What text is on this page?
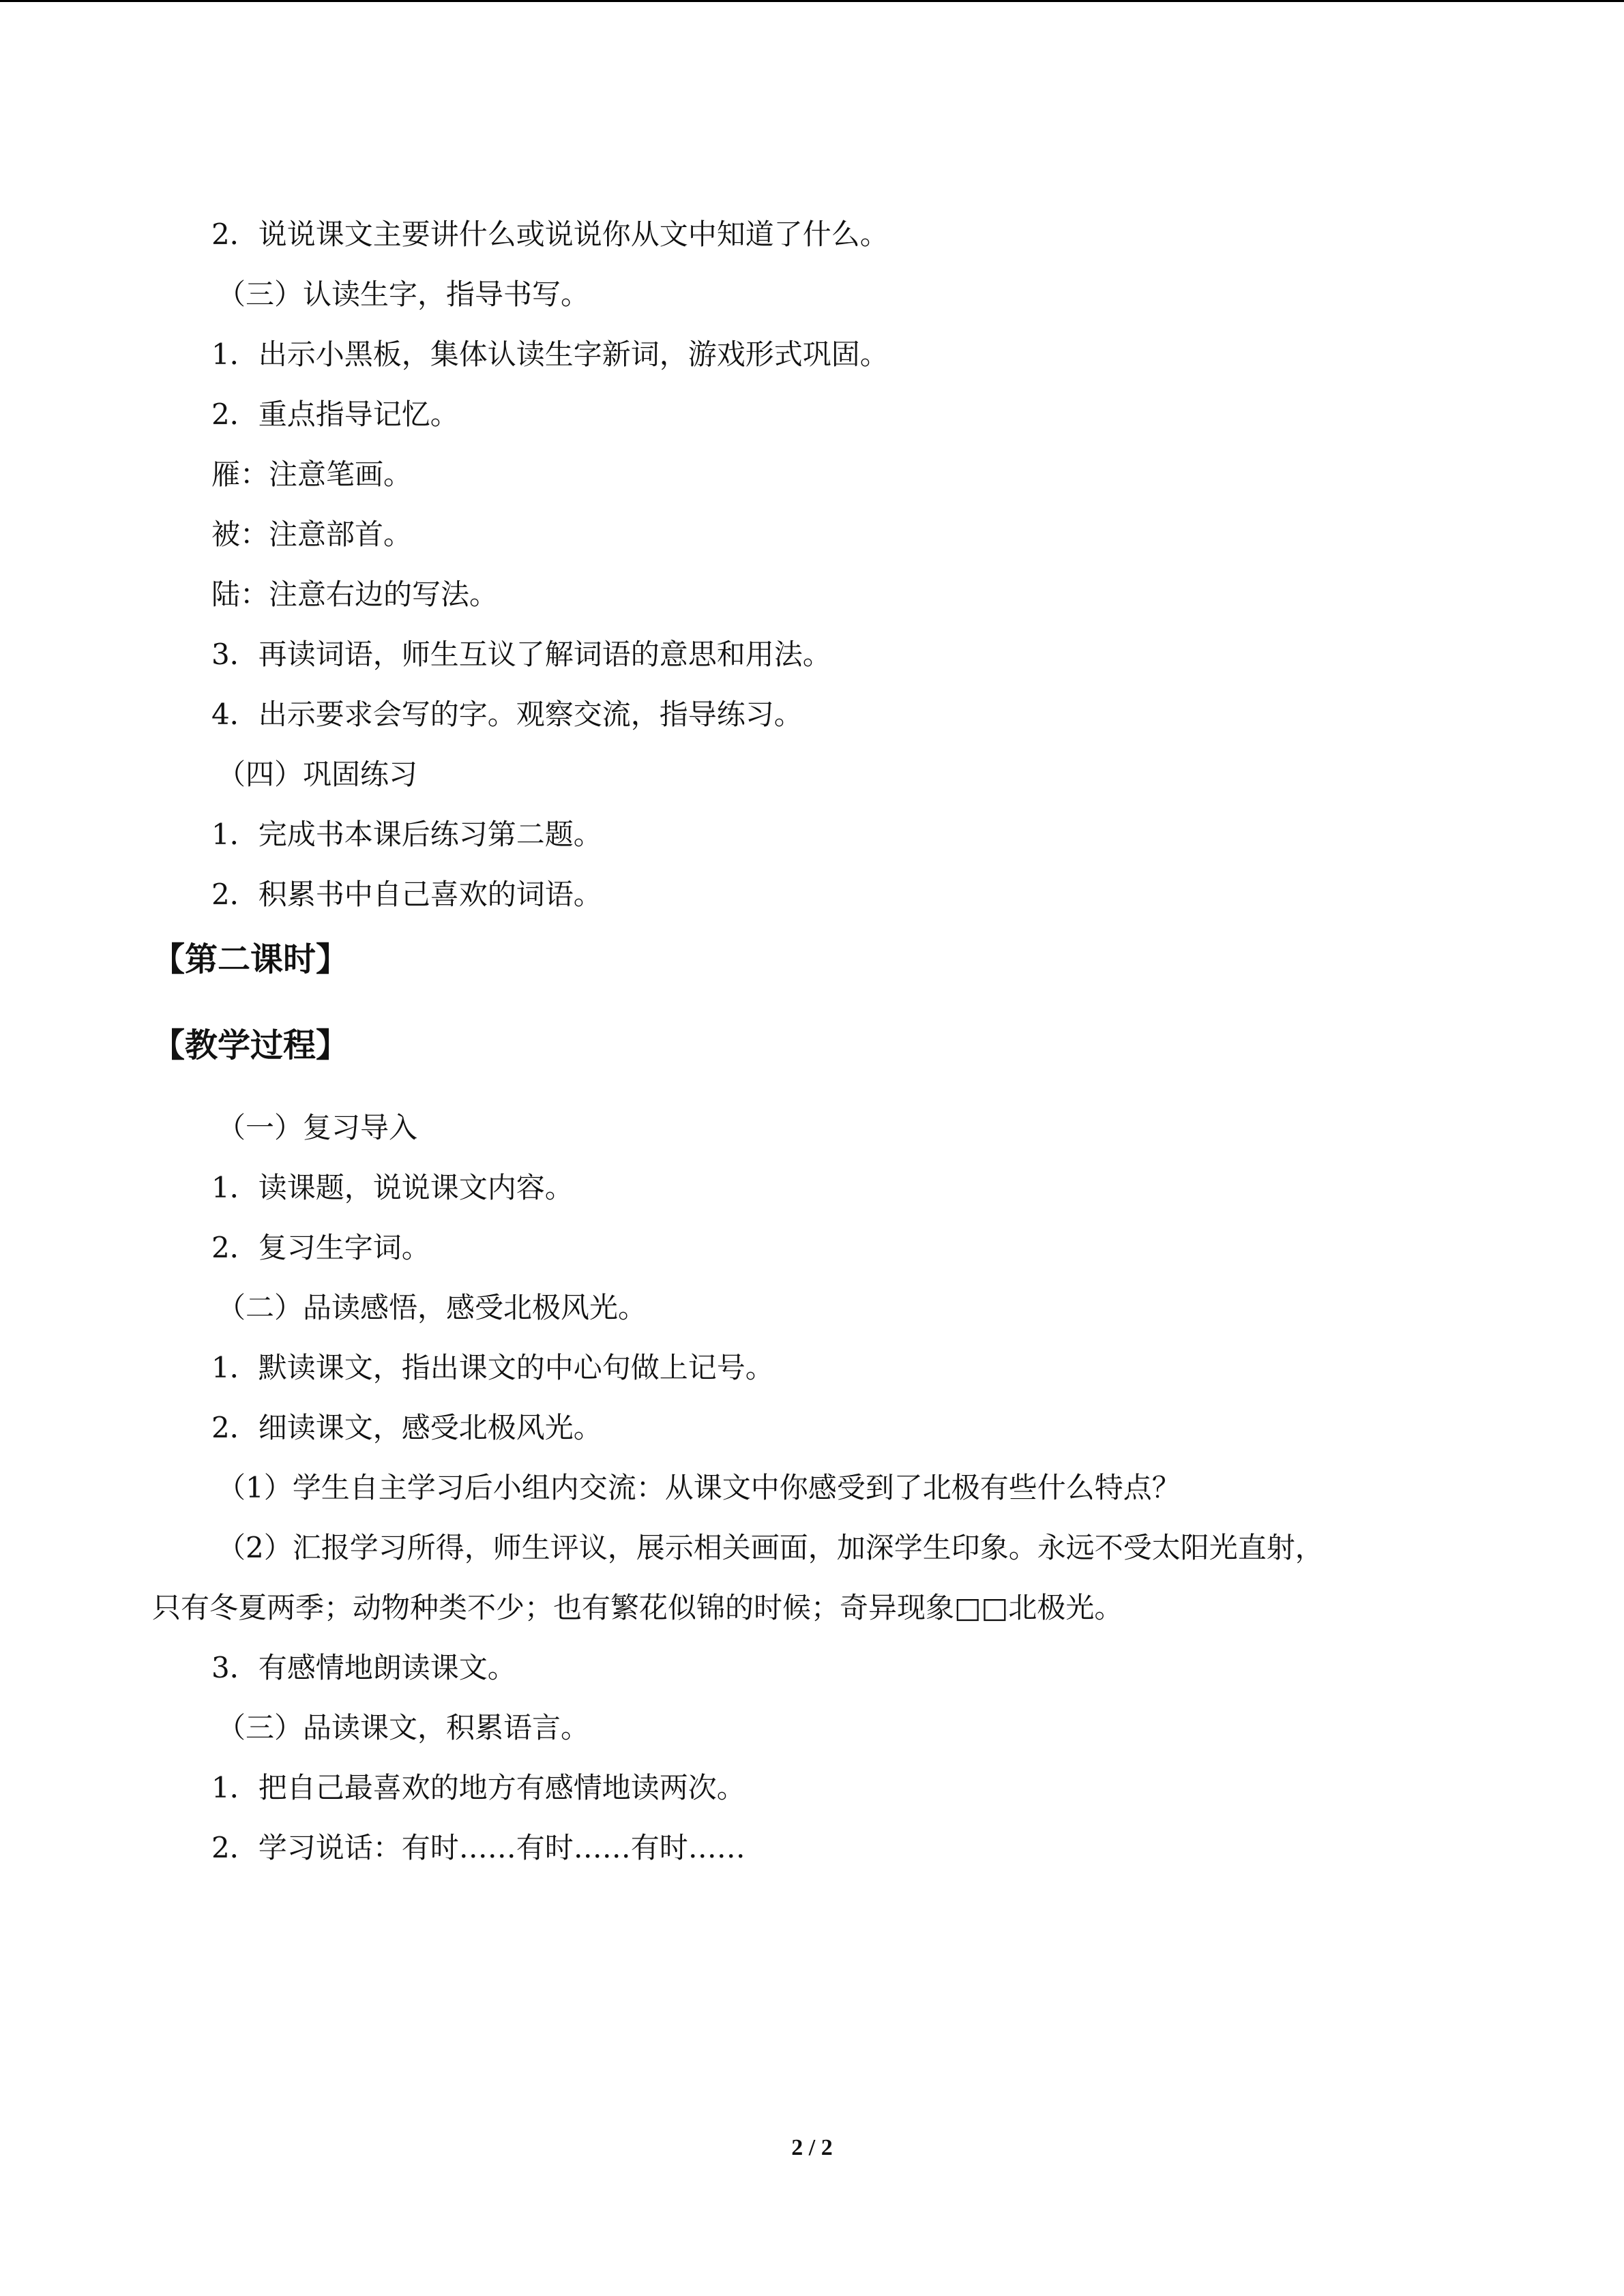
2．说说课文主要讲什么或说说你从文中知道了什么。
（三）认读生字，指导书写。
1．出示小黑板，集体认读生字新词，游戏形式巩固。
2．重点指导记忆。
雁：注意笔画。
被：注意部首。
陆：注意右边的写法。
3．再读词语，师生互议了解词语的意思和用法。
4．出示要求会写的字。观察交流，指导练习。
（四）巩固练习
1．完成书本课后练习第二题。
2．积累书中自己喜欢的词语。
【第二课时】
【教学过程】
（一）复习导入
1．读课题，说说课文内容。
2．复习生字词。
（二）品读感悟，感受北极风光。
1．默读课文，指出课文的中心句做上记号。
2．细读课文，感受北极风光。
（1）学生自主学习后小组内交流：从课文中你感受到了北极有些什么特点？
（2）汇报学习所得，师生评议，展示相关画面，加深学生印象。永远不受太阳光直射，
只有冬夏两季；动物种类不少；也有繁花似锦的时候；奇异现象□□北极光。
3．有感情地朗读课文。
（三）品读课文，积累语言。
1．把自己最喜欢的地方有感情地读两次。
2．学习说话：有时……有时……有时……
2 / 2
